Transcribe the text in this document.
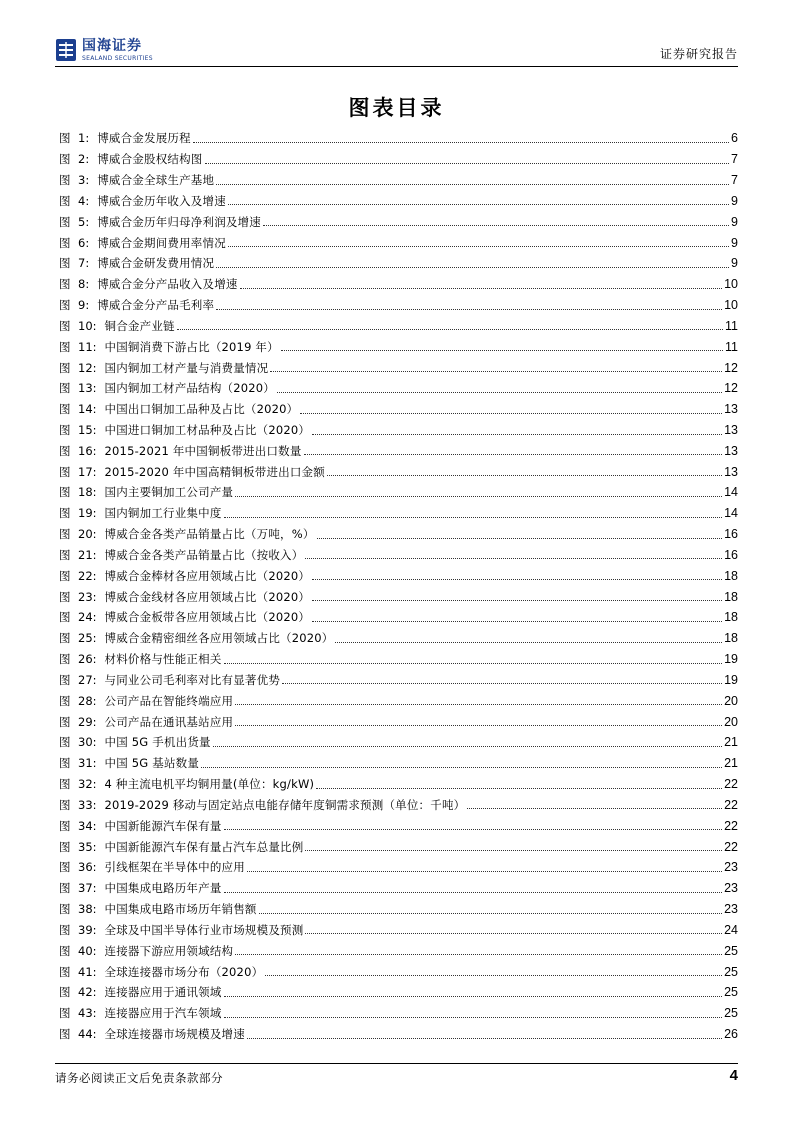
国海证券
SEALAND SECURITIES	证券研究报告
图表目录
图 1: 博威合金发展历程	6
图 2: 博威合金股权结构图	7
图 3: 博威合金全球生产基地	7
图 4: 博威合金历年收入及增速	9
图 5: 博威合金历年归母净利润及增速	9
图 6: 博威合金期间费用率情况	9
图 7: 博威合金研发费用情况	9
图 8: 博威合金分产品收入及增速	10
图 9: 博威合金分产品毛利率	10
图 10: 铜合金产业链	11
图 11: 中国铜消费下游占比（2019 年）	11
图 12: 国内铜加工材产量与消费量情况	12
图 13: 国内铜加工材产品结构（2020）	12
图 14: 中国出口铜加工品种及占比（2020）	13
图 15: 中国进口铜加工材品种及占比（2020）	13
图 16: 2015-2021 年中国铜板带进出口数量	13
图 17: 2015-2020 年中国高精铜板带进出口金额	13
图 18: 国内主要铜加工公司产量	14
图 19: 国内铜加工行业集中度	14
图 20: 博威合金各类产品销量占比（万吨，%）	16
图 21: 博威合金各类产品销量占比（按收入）	16
图 22: 博威合金棒材各应用领域占比（2020）	18
图 23: 博威合金线材各应用领域占比（2020）	18
图 24: 博威合金板带各应用领域占比（2020）	18
图 25: 博威合金精密细丝各应用领域占比（2020）	18
图 26: 材料价格与性能正相关	19
图 27: 与同业公司毛利率对比有显著优势	19
图 28: 公司产品在智能终端应用	20
图 29: 公司产品在通讯基站应用	20
图 30: 中国 5G 手机出货量	21
图 31: 中国 5G 基站数量	21
图 32: 4 种主流电机平均铜用量(单位：kg/kW)	22
图 33: 2019-2029 移动与固定站点电能存储年度铜需求预测（单位：千吨）	22
图 34: 中国新能源汽车保有量	22
图 35: 中国新能源汽车保有量占汽车总量比例	22
图 36: 引线框架在半导体中的应用	23
图 37: 中国集成电路历年产量	23
图 38: 中国集成电路市场历年销售额	23
图 39: 全球及中国半导体行业市场规模及预测	24
图 40: 连接器下游应用领域结构	25
图 41: 全球连接器市场分布（2020）	25
图 42: 连接器应用于通讯领域	25
图 43: 连接器应用于汽车领域	25
图 44: 全球连接器市场规模及增速	26
请务必阅读正文后免责条款部分	4
